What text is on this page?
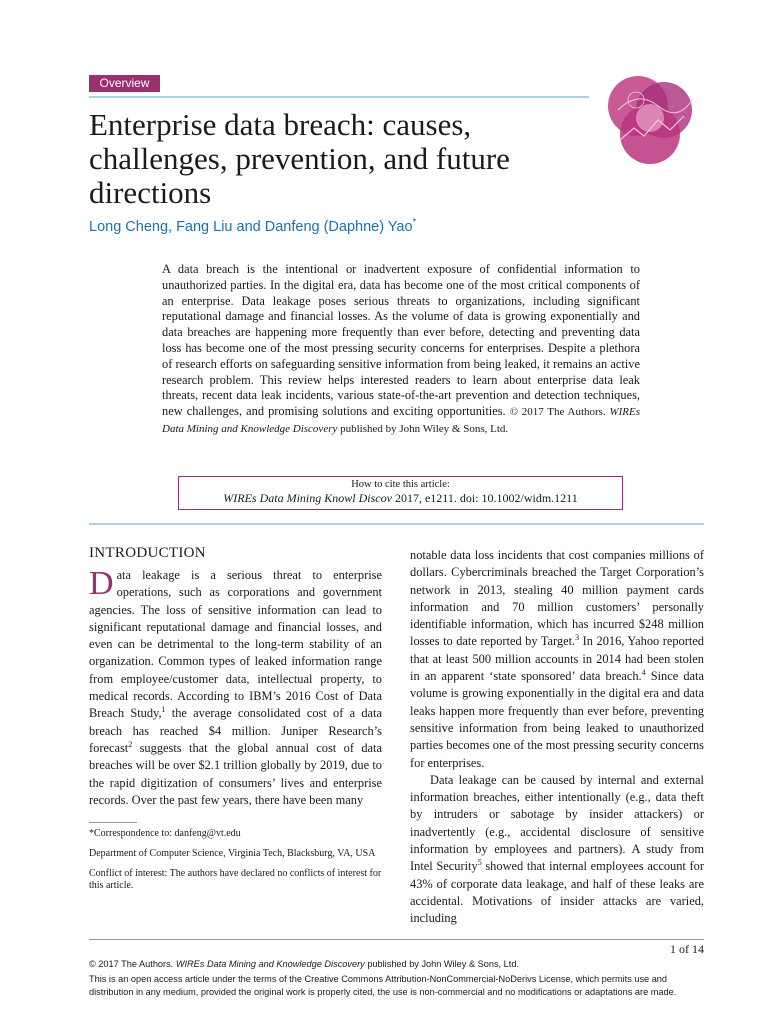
Overview
Enterprise data breach: causes, challenges, prevention, and future directions
Long Cheng, Fang Liu and Danfeng (Daphne) Yao*

A data breach is the intentional or inadvertent exposure of confidential information to unauthorized parties. In the digital era, data has become one of the most critical components of an enterprise. Data leakage poses serious threats to organizations, including significant reputational damage and financial losses. As the volume of data is growing exponentially and data breaches are happening more frequently than ever before, detecting and preventing data loss has become one of the most pressing security concerns for enterprises. Despite a plethora of research efforts on safeguarding sensitive information from being leaked, it remains an active research problem. This review helps interested readers to learn about enterprise data leak threats, recent data leak incidents, various state-of-the-art prevention and detection techniques, new challenges, and promising solutions and exciting opportunities. © 2017 The Authors. WIREs Data Mining and Knowledge Discovery published by John Wiley & Sons, Ltd.

How to cite this article:
WIREs Data Mining Knowl Discov 2017, e1211. doi: 10.1002/widm.1211
INTRODUCTION

Data leakage is a serious threat to enterprise operations, such as corporations and government agencies. The loss of sensitive information can lead to significant reputational damage and financial losses, and even can be detrimental to the long-term stability of an organization. Common types of leaked information range from employee/customer data, intellectual property, to medical records. According to IBM’s 2016 Cost of Data Breach Study,$^1$ the average consolidated cost of a data breach has reached $4 million. Juniper Research’s forecast$^2$ suggests that the global annual cost of data breaches will be over $2.1 trillion globally by 2019, due to the rapid digitization of consumers’ lives and enterprise records. Over the past few years, there have been many

notable data loss incidents that cost companies millions of dollars. Cybercriminals breached the Target Corporation’s network in 2013, stealing 40 million payment cards information and 70 million customers’ personally identifiable information, which has incurred $248 million losses to date reported by Target.$^3$ In 2016, Yahoo reported that at least 500 million accounts in 2014 had been stolen in an apparent ‘state sponsored’ data breach.$^4$ Since data volume is growing exponentially in the digital era and data leaks happen more frequently than ever before, preventing sensitive information from being leaked to unauthorized parties becomes one of the most pressing security concerns for enterprises.

Data leakage can be caused by internal and external information breaches, either intentionally (e.g., data theft by intruders or sabotage by insider attackers) or inadvertently (e.g., accidental disclosure of sensitive information by employees and partners). A study from Intel Security$^5$ showed that internal employees account for 43% of corporate data leakage, and half of these leaks are accidental. Motivations of insider attacks are varied, including

*Correspondence to: danfeng@vt.edu

Department of Computer Science, Virginia Tech, Blacksburg, VA, USA

Conflict of interest: The authors have declared no conflicts of interest for this article.

1 of 14
© 2017 The Authors. WIREs Data Mining and Knowledge Discovery published by John Wiley & Sons, Ltd.
This is an open access article under the terms of the Creative Commons Attribution-NonCommercial-NoDerivs License, which permits use and distribution in any medium, provided the original work is properly cited, the use is non-commercial and no modifications or adaptations are made.
